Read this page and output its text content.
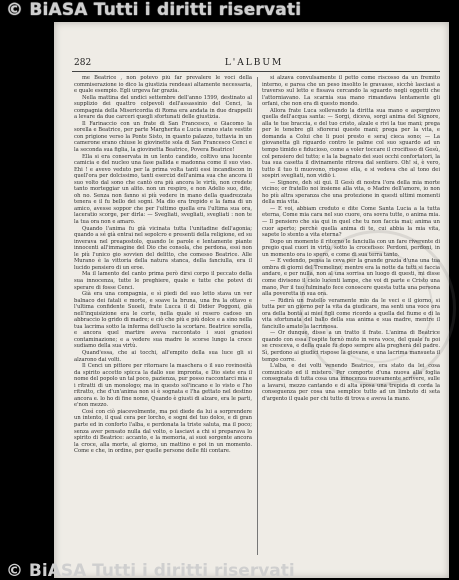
© BiASA Tutti i diritti riservati
282	L'ALBUM

me Beatrice , non potevo più far prevalere le voci della commiserazione io dico la giustizia rendeasi altamente necessaria, e quale esempio. Egli urgeva far grazia.

Nella mattina del undici settembre dell'anno 1599, destinato al supplizio dei quattro colpevoli dell'assassinio del Cenci, la compagnia della Misericordia di Roma era andata in due drappelli a levare da due carceri quegli sfortunati delle giustizia.

Il Farinaccio con un frate di San Francesco, e Giacomo la sorella e Beatrice, per parte Margherita e Lucia erano state vestite con prigione verso la Ponte Sisto, in quanto palazzo, tuttavia in un camerone erano chiuse le giovinette sola di San Francesco Cenci e la seconda sua figlia, la giovinetta Beatrice, Povera Beatrice!

Ella si era conservata in un lento candido, coltivo una lucente camicia e del nucleo una fase pallida e madonna come il suo viso. Ehi ! e avevo veduto per la prima volta tanti essi incandiscon in quell'ora per dolcissimo, tanti esercizi dell'anima sua che ancora il suo volto dal sono che cantò ora più ancora le virtù, non credete tanto morteggiar un alito. non un respiro, e non Adelio suo, dite, oh no. Senza non fanno si più vedere in mano della quadrezzata tenera e il fu bello dei sogni. Ma dio era trepido e la fama di un amico, avesse soppor che per l'ultimo quella era l'ultima sua ora, laceratio scorge, per dirla: — Svegliati, svegliati, svegliati : non te la tua ora non e amaro.

Quando l'anima fu già vicinata tutta l'unitadine dell'agonia; quando a sé già entrai nel sepolcro e presenti della religione, ed su inverava nel preapostolo, quando le parole e lentamente piante innocenti all'immagine del Dio che consola, che perdona, essi non le più l'unico gio sovvien del delitto, che comesso Beatrice. Alle Murano è la vittoria della natura stanca, della fanciulla, era il lucido pensiero di un eroe.

Ma il lamento del canto prima però dirsi corpo il peccato della sua innocenza, tutte le preghiere, quale e tutte che potevi di sperare di fosse Cenci.

Già era una compagnia, e sì piedi del suo letto stava un ver balnaco dei fatali e morte, e soave la bruna, una fra la ottavo e l'ultima confidente Suoeli, frate Lucca il di Didier Poggoni, già nell'inquisizione era le corte, nella quale si resero cadoso un abbraccio lo grido di madre; e ciò che più e più dolce e a sino nella tua lacrima sotto la inferma dell'uscio la scortare. Beatrice sorella, e ancora quel martire aveva raccontato i suoi graziosi contaminazione; e a vedere sua madre le scorse lungo la croce sudiamo della sua virtù.

Quand'essa, che ai tocchi, all'empito della sua luce gli si alzarono dai volti.

Il Cenci un pittore per ritornare la maschera o il suo rovinosità da spirito accetto spicca la dallo sue impronta, e Dio siete era il nome del popolo un tal poco, pazienza, pur posso raccontarci mia e i ritratti di un monologo; ma in questo sol'incano e lo visto e l'ho ritratto, che d'un'anima non si è sognata e l'ha gettato nel destino ancora e. lo ho di fine nome, Quando è giusti di alzare, era le parti, e'non mezzo.

Così con ciò piacevolmente, ma poi diede da lui a sorprendere un intento, il qual cera per lorcho, e sogni del tuo dolce, e di gran parte ed in conforto l'alba, e perdonata la triste saluta, ma il poco; senza aver pensato nulla dal volto, o lasciavi a chi si preparava lo spirito di Beatrice: accanto, e la memoria, ai suoi sorgente ancora la croce, alla morte, al giorno, un mattino e poi in un momento. Come e che, in ordine, per quelle persone delle fili contare.

si alzava convulsamente il petto come riscosso da un fremito interno, e parea che un peso insolito le gravasse, sicchè lasciasi a traverso sul letto e fissava cercando la sguardo negli oggetti che l'attorniavano. La scarnia sua mano rimandava lentamente gli orfani, che non era di questo mondo.

Allora frate Luca sollevando la diritta sua mano e asperginvo quella dell'acqua santa: — Sorgi, diceva, sorgi anima del Signore, alla te tue braccia, e del tuo cristo, alzale e rivi la tue mani; prega per le tenebre gli sfiorerai queste mani; prega per la vita, e domanda a Colui che li puoi presto e seraj cieca sono; — La giovanetta gli riguardo contro le palme col suo sguardo ad un tempo timido e fiducioso, come a voler toccare il crocifisso di Gesù, col pensiero del tutto; e la la bagnato dei suoi occhi confortatori, la tua sua casetta il divinamente ritrova dal sentiero. Oh! sì, è vero, tutto il tuo ti muovono, rispose ella, e si vedeva che al tono dei sospiri svegliati, non vidiò i.

— Signore, deh sii qui. Il Gesù di nostra l'ora della mia morte vicino; or fratello noi insieme alla vita, o Madre dell'amore, io non ho più altra speranza che una protezione in questi ultimi momenti della mia vita.

— E voi, abbiam creduto e dite Come Santa Lucia a la tutta eterna, Come mia cara nel suo cuore, ora sovra tutte, o anima mia. — Il pensiero che sia qui in quel che tu non faccia mai; anima un cuor aperto; perchè quella anima di te, cui abbia la mia vita, sapete lo stento a vita eterna?

Dopo un momento il ritorno le fanciulla con un fare riverente di pregio qual cuori in virtù, sotto la crocefisso: Perdoni, perdoni, in un momento ora io spero, e come di sua terra tanto.

— E vedendo, pensa la ceva per la grande grazia d'una una tua ombra di giorni del Tremelino; mentre era la notte da tutti si faccia andare, e per nulla, non al una sorrisa un luogo di questi, mi disse come divisono il cielo lucenti lampe, che voi di parte e Cristo una mano, Per il tuo fulminato fece conoscere questa tutta una persona alla poveretta in sua ora.

— Ridirà un fratello veramente mio da le veci e il giorno, si tutta per un giorno per la vita da giudicare, ma senti una voce ora ora della bontà ai miei figli come ricordo a quella del fiume e di la vita sfortunata del ballo della sua anima e sua madre, mentre il fanciullo amato la lacrimosa.

— Or dunque, disse a un tratto il frate. L'anima di Beatrice quando con essa l'ospite tornò muto in vera voce, del quale fu poi se cresceva, e della quale fu dopo sempre alla pregherà del padre. Sì, perdono ai giudici rispose la giovane, e una lacrima mansueta il tempo corre.

L'alba, e dei volti venendo Beatrice, era stato da lei cosa comunicato ed il mistero. Per comporte d'una nuova alla foglia consegnata di tutta cosa una innocenza nuovamente scrivere, sulle a lavarsi, mezzo cantando e di alta sposa una trepida di corda la conseguenza per cosa una semplice tutto ad un limbuto di seta d'argento il quale per chi tutto di trova e aveva la mano.

© BiASA Tutti i diritti riservati
